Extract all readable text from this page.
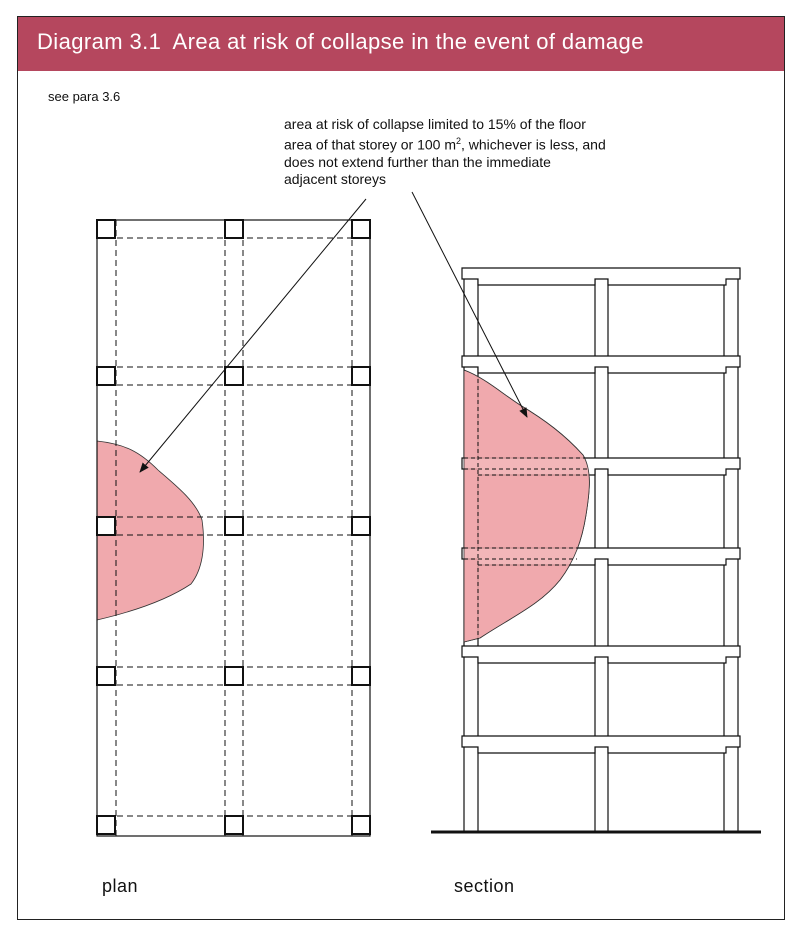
Diagram 3.1 Area at risk of collapse in the event of damage
see para 3.6
area at risk of collapse limited to 15% of the floor
area of that storey or 100 $m^2$, whichever is less, and
does not extend further than the immediate
adjacent storeys
plan	section
